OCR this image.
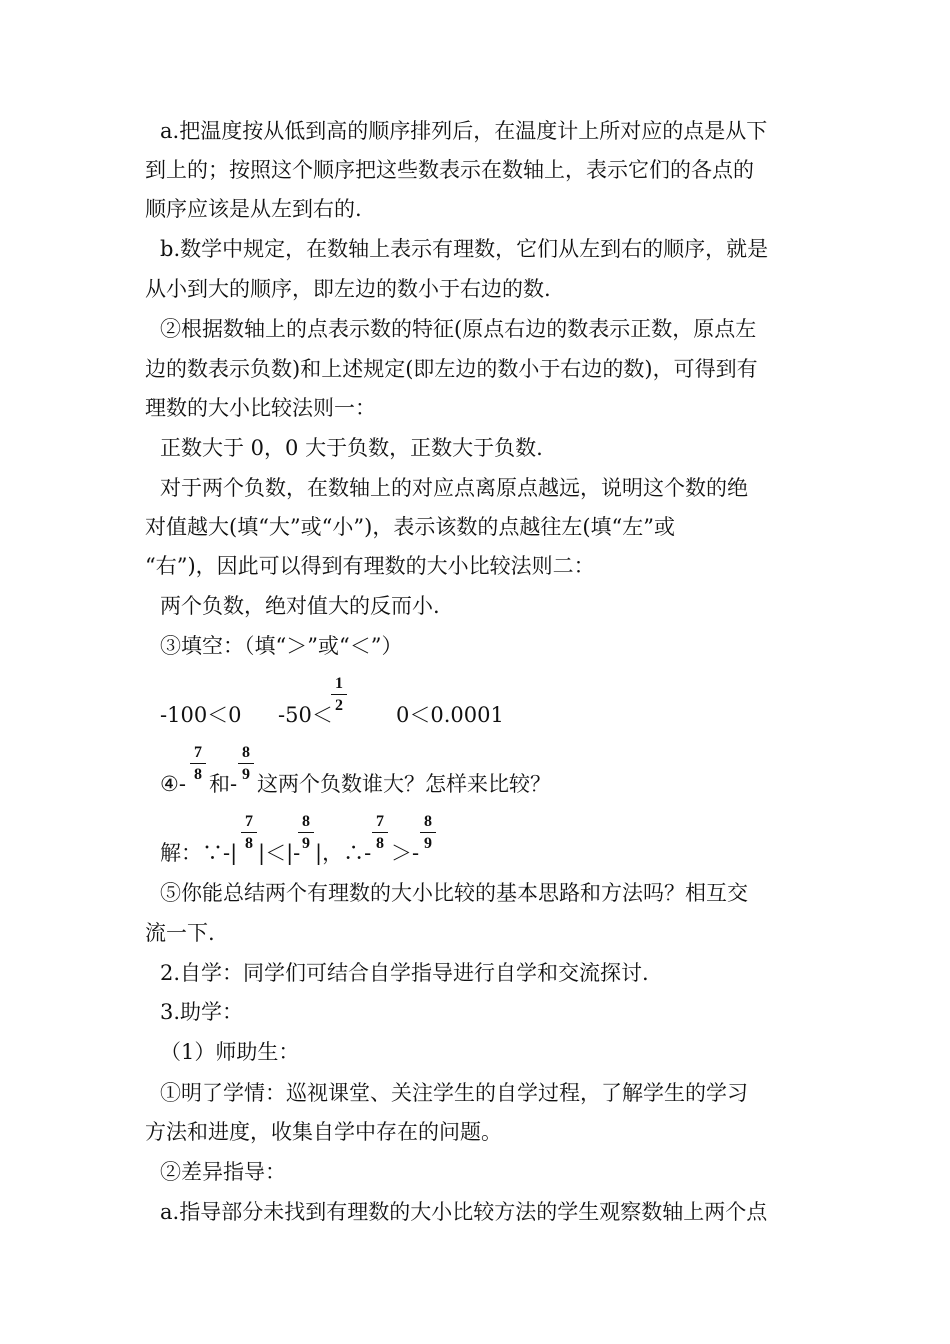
a.把温度按从低到高的顺序排列后，在温度计上所对应的点是从下
到上的；按照这个顺序把这些数表示在数轴上，表示它们的各点的
顺序应该是从左到右的.
b.数学中规定，在数轴上表示有理数，它们从左到右的顺序，就是
从小到大的顺序，即左边的数小于右边的数.
②根据数轴上的点表示数的特征(原点右边的数表示正数，原点左
边的数表示负数)和上述规定(即左边的数小于右边的数)，可得到有
理数的大小比较法则一：
正数大于 0，0 大于负数，正数大于负数.
对于两个负数，在数轴上的对应点离原点越远，说明这个数的绝
对值越大(填“大”或“小”)，表示该数的点越往左(填“左”或
“右”)，因此可以得到有理数的大小比较法则二：
两个负数，绝对值大的反而小.
③填空：（填“＞”或“＜”）
-100＜0 -50＜
1
2	0＜0.0001
④-
7
8 和-
8
9 这两个负数谁大？怎样来比较？
解：∵-|
7
8 |＜|-
8
9 |，∴-
7
8 ＞-
8
9
⑤你能总结两个有理数的大小比较的基本思路和方法吗？相互交
流一下.
2.自学：同学们可结合自学指导进行自学和交流探讨.
3.助学：
（1）师助生：
①明了学情：巡视课堂、关注学生的自学过程，了解学生的学习
方法和进度，收集自学中存在的问题。
②差异指导：
a.指导部分未找到有理数的大小比较方法的学生观察数轴上两个点
